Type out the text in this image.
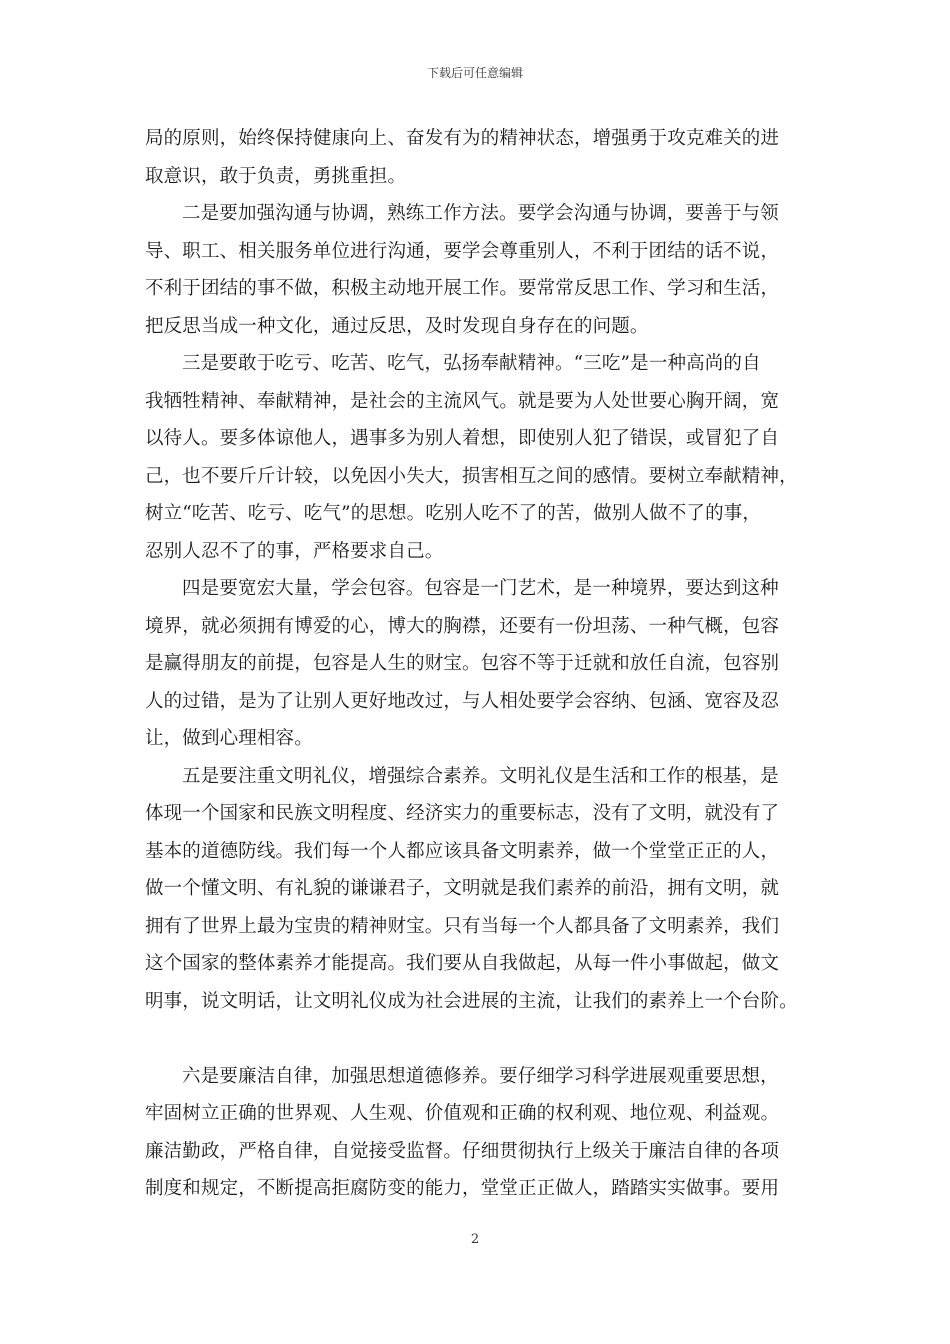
下载后可任意编辑
局的原则，始终保持健康向上、奋发有为的精神状态，增强勇于攻克难关的进
取意识，敢于负责，勇挑重担。
二是要加强沟通与协调，熟练工作方法。要学会沟通与协调，要善于与领
导、职工、相关服务单位进行沟通，要学会尊重别人，不利于团结的话不说，
不利于团结的事不做，积极主动地开展工作。要常常反思工作、学习和生活，
把反思当成一种文化，通过反思，及时发现自身存在的问题。
三是要敢于吃亏、吃苦、吃气，弘扬奉献精神。“三吃”是一种高尚的自
我牺牲精神、奉献精神，是社会的主流风气。就是要为人处世要心胸开阔，宽
以待人。要多体谅他人，遇事多为别人着想，即使别人犯了错误，或冒犯了自
己，也不要斤斤计较，以免因小失大，损害相互之间的感情。要树立奉献精神，
树立“吃苦、吃亏、吃气”的思想。吃别人吃不了的苦，做别人做不了的事，
忍别人忍不了的事，严格要求自己。
四是要宽宏大量，学会包容。包容是一门艺术，是一种境界，要达到这种
境界，就必须拥有博爱的心，博大的胸襟，还要有一份坦荡、一种气概，包容
是赢得朋友的前提，包容是人生的财宝。包容不等于迁就和放任自流，包容别
人的过错，是为了让别人更好地改过，与人相处要学会容纳、包涵、宽容及忍
让，做到心理相容。
五是要注重文明礼仪，增强综合素养。文明礼仪是生活和工作的根基，是
体现一个国家和民族文明程度、经济实力的重要标志，没有了文明，就没有了
基本的道德防线。我们每一个人都应该具备文明素养，做一个堂堂正正的人，
做一个懂文明、有礼貌的谦谦君子，文明就是我们素养的前沿，拥有文明，就
拥有了世界上最为宝贵的精神财宝。只有当每一个人都具备了文明素养，我们
这个国家的整体素养才能提高。我们要从自我做起，从每一件小事做起，做文
明事，说文明话，让文明礼仪成为社会进展的主流，让我们的素养上一个台阶。
六是要廉洁自律，加强思想道德修养。要仔细学习科学进展观重要思想，
牢固树立正确的世界观、人生观、价值观和正确的权利观、地位观、利益观。
廉洁勤政，严格自律，自觉接受监督。仔细贯彻执行上级关于廉洁自律的各项
制度和规定，不断提高拒腐防变的能力，堂堂正正做人，踏踏实实做事。要用
2
